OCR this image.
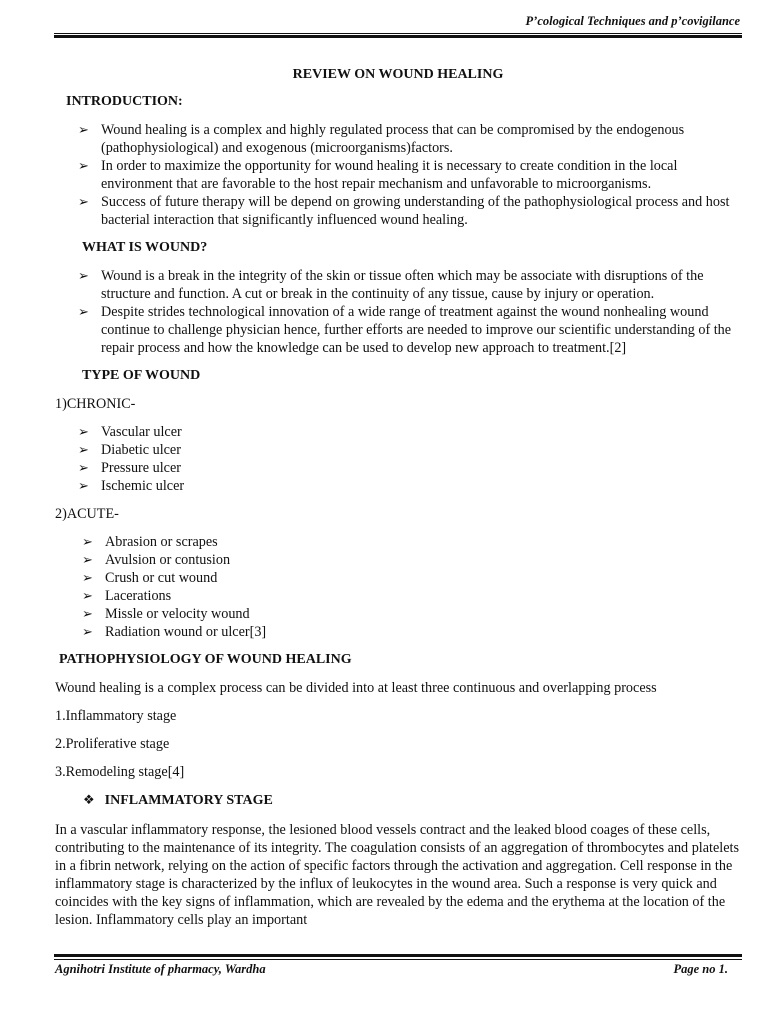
P’cological Techniques and p’covigilance
REVIEW ON WOUND HEALING
INTRODUCTION:
➢ Wound healing is a complex and highly regulated process that can be compromised by the endogenous (pathophysiological) and exogenous (microorganisms)factors.
➢ In order to maximize the opportunity for wound healing it is necessary to create condition in the local environment that are favorable to the host repair mechanism and unfavorable to microorganisms.
➢ Success of future therapy will be depend on growing understanding of the pathophysiological process and host bacterial interaction that significantly influenced wound healing.
WHAT IS WOUND?
➢ Wound is a break in the integrity of the skin or tissue often which may be associate with disruptions of the structure and function. A cut or break in the continuity of any tissue, cause by injury or operation.
➢ Despite strides technological innovation of a wide range of treatment against the wound nonhealing wound continue to challenge physician hence, further efforts are needed to improve our scientific understanding of the repair process and how the knowledge can be used to develop new approach to treatment.[2]
TYPE OF WOUND
1)CHRONIC-
➢ Vascular ulcer
➢ Diabetic ulcer
➢ Pressure ulcer
➢ Ischemic ulcer
2)ACUTE-
➢ Abrasion or scrapes
➢ Avulsion or contusion
➢ Crush or cut wound
➢ Lacerations
➢ Missle or velocity wound
➢ Radiation wound or ulcer[3]
PATHOPHYSIOLOGY OF WOUND HEALING
Wound healing is a complex process can be divided into at least three continuous and overlapping process
1.Inflammatory stage
2.Proliferative stage
3.Remodeling stage[4]
❖ INFLAMMATORY STAGE
In a vascular inflammatory response, the lesioned blood vessels contract and the leaked blood coages of these cells, contributing to the maintenance of its integrity. The coagulation consists of an aggregation of thrombocytes and platelets in a fibrin network, relying on the action of specific factors through the activation and aggregation. Cell response in the inflammatory stage is characterized by the influx of leukocytes in the wound area. Such a response is very quick and coincides with the key signs of inflammation, which are revealed by the edema and the erythema at the location of the lesion. Inflammatory cells play an important
Agnihotri Institute of pharmacy, Wardha	Page no 1.
